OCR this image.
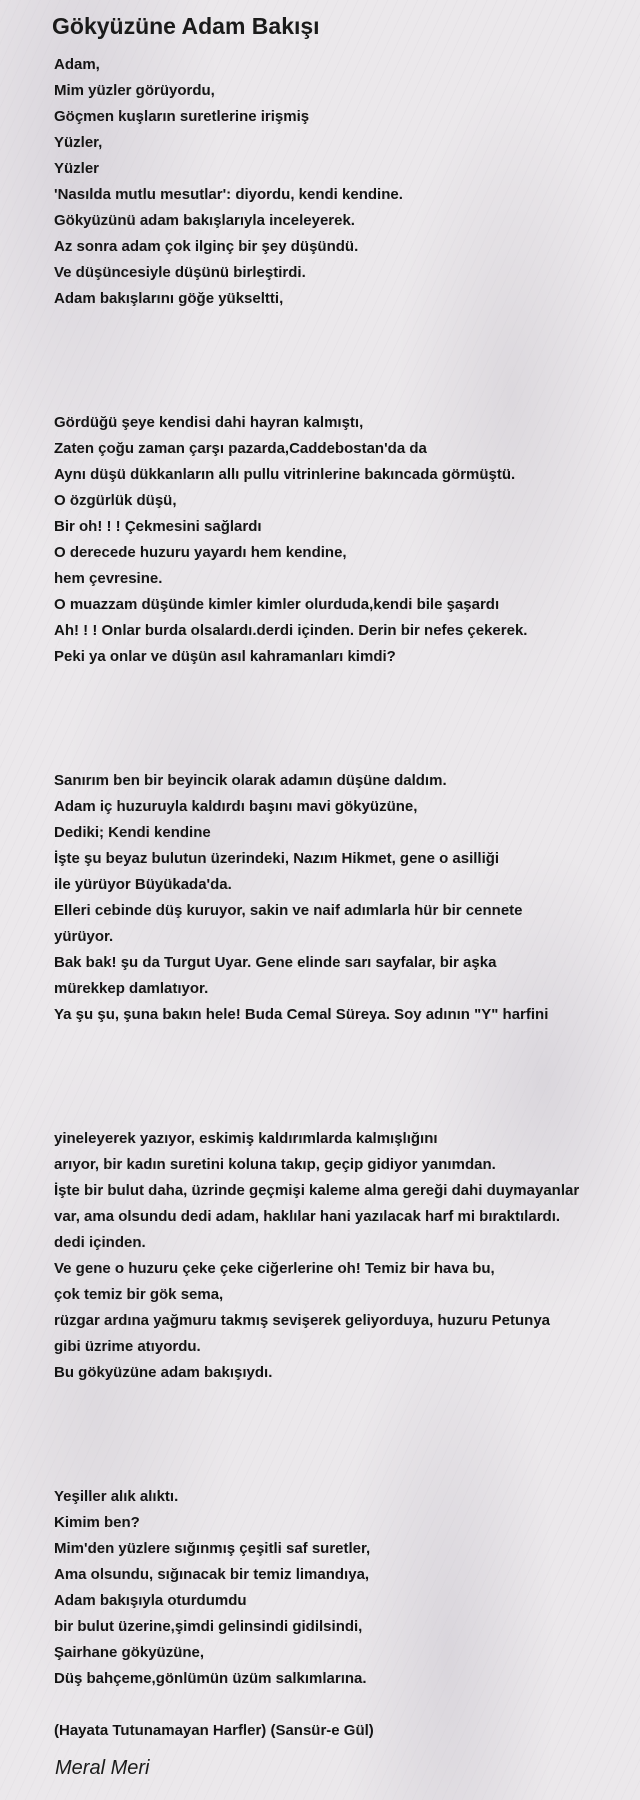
Gökyüzüne Adam Bakışı
Adam,
Mim yüzler görüyordu,
Göçmen kuşların suretlerine irişmiş
Yüzler,
Yüzler
'Nasılda mutlu mesutlar': diyordu, kendi kendine.
Gökyüzünü adam bakışlarıyla inceleyerek.
Az sonra adam çok ilginç bir şey düşündü.
Ve düşüncesiyle düşünü birleştirdi.
Adam bakışlarını göğe yükseltti,
Gördüğü şeye kendisi dahi hayran kalmıştı,
Zaten çoğu zaman çarşı pazarda,Caddebostan'da da
Aynı düşü dükkanların allı pullu vitrinlerine bakıncada görmüştü.
O özgürlük düşü,
Bir oh! ! ! Çekmesini sağlardı
O derecede huzuru yayardı hem kendine,
hem çevresine.
O muazzam düşünde kimler kimler olurduda,kendi bile şaşardı
Ah! ! ! Onlar burda olsalardı.derdi içinden. Derin bir nefes çekerek.
Peki ya onlar ve düşün asıl kahramanları kimdi?
Sanırım ben bir beyincik olarak adamın düşüne daldım.
Adam iç huzuruyla kaldırdı başını mavi gökyüzüne,
Dediki; Kendi kendine
İşte şu beyaz bulutun üzerindeki, Nazım Hikmet, gene o asilliği
ile yürüyor Büyükada'da.
Elleri cebinde düş kuruyor, sakin ve naif adımlarla hür bir cennete
yürüyor.
Bak bak! şu da Turgut Uyar. Gene elinde sarı sayfalar, bir aşka
mürekkep damlatıyor.
Ya şu şu, şuna bakın hele! Buda Cemal Süreya. Soy adının "Y" harfini
yineleyerek yazıyor, eskimiş kaldırımlarda kalmışlığını
arıyor, bir kadın suretini koluna takıp, geçip gidiyor yanımdan.
İşte bir bulut daha, üzrinde geçmişi kaleme alma gereği dahi duymayanlar
var, ama olsundu dedi adam, haklılar hani yazılacak harf mi bıraktılardı.
dedi içinden.
Ve gene o huzuru çeke çeke ciğerlerine oh! Temiz bir hava bu,
çok temiz bir gök sema,
rüzgar ardına yağmuru takmış sevişerek geliyorduya, huzuru Petunya
gibi üzrime atıyordu.
Bu gökyüzüne adam bakışıydı.
Yeşiller alık alıktı.
Kimim ben?
Mim'den yüzlere sığınmış çeşitli saf suretler,
Ama olsundu, sığınacak bir temiz limandıya,
Adam bakışıyla oturdumdu
bir bulut üzerine,şimdi gelinsindi gidilsindi,
Şairhane gökyüzüne,
Düş bahçeme,gönlümün üzüm salkımlarına.
(Hayata Tutunamayan Harfler) (Sansür-e Gül)
Meral Meri
